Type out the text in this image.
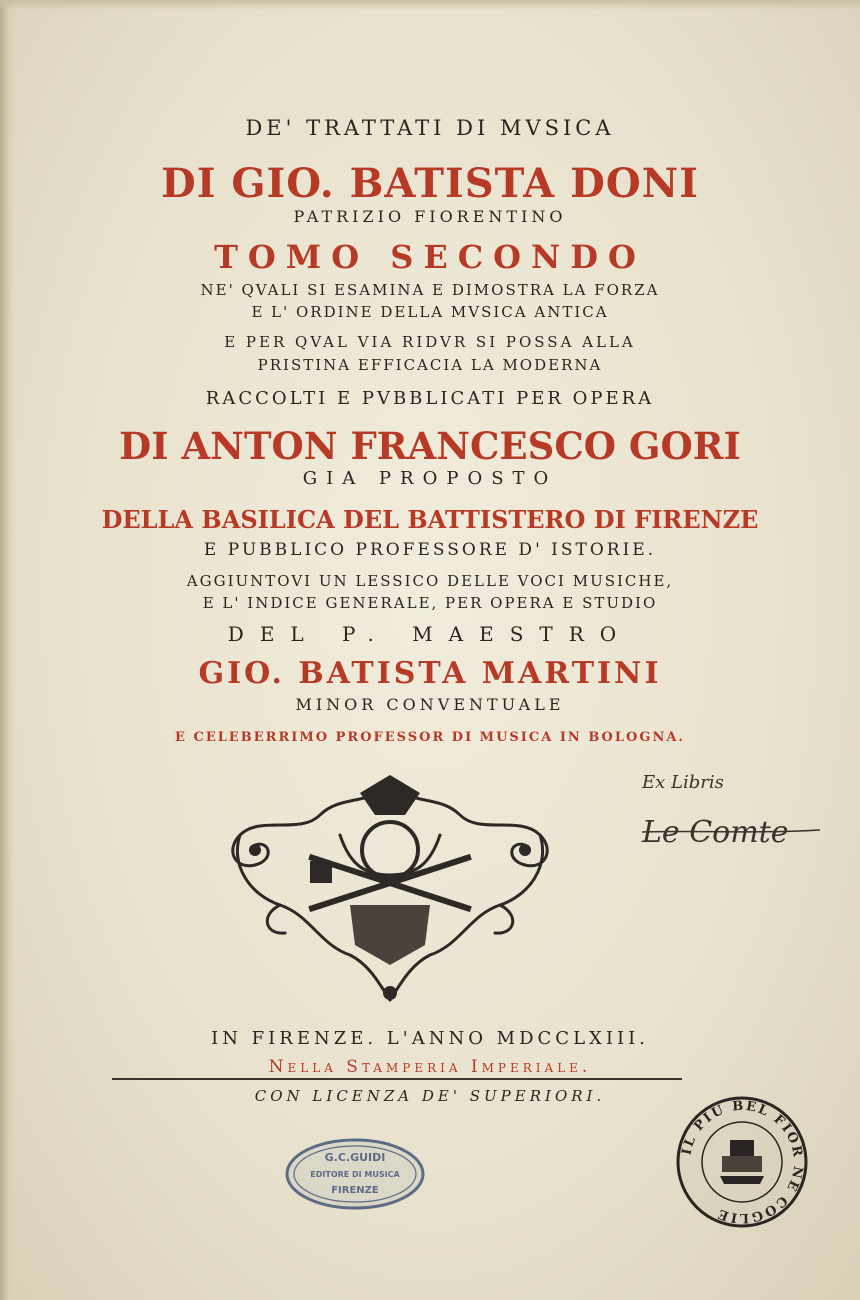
DE' TRATTATI DI MVSICA

DI GIO. BATISTA DONI

PATRIZIO FIORENTINO

TOMO SECONDO

NE' QVALI SI ESAMINA E DIMOSTRA LA FORZA

E L' ORDINE DELLA MVSICA ANTICA

E PER QVAL VIA RIDVR SI POSSA ALLA

PRISTINA EFFICACIA LA MODERNA

RACCOLTI E PVBBLICATI PER OPERA

DI ANTON FRANCESCO GORI

GIA PROPOSTO

DELLA BASILICA DEL BATTISTERO DI FIRENZE

E PUBBLICO PROFESSORE D' ISTORIE.

AGGIUNTOVI UN LESSICO DELLE VOCI MUSICHE,

E L' INDICE GENERALE, PER OPERA E STUDIO

DEL P. MAESTRO

GIO. BATISTA MARTINI

MINOR CONVENTUALE

E CELEBERRIMO PROFESSOR DI MUSICA IN BOLOGNA.

Ex Libris
Le Comte

IN FIRENZE. L'ANNO MDCCLXIII.

Nella Stamperia Imperiale.

CON LICENZA DE' SUPERIORI.

G.C.GUIDI
EDITORE DI MUSICA
FIRENZE
IL PIU BEL FIOR NE COGLIE
